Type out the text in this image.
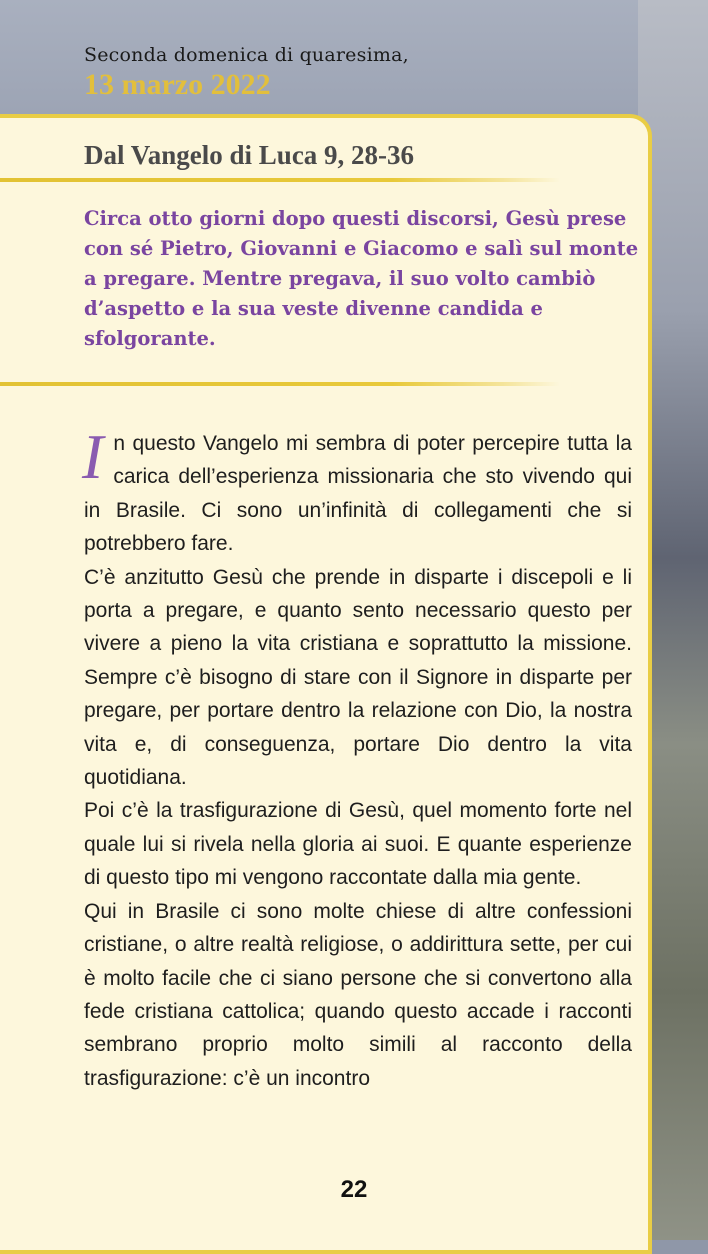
Seconda domenica di quaresima,
13 marzo 2022
Dal Vangelo di Luca 9, 28-36
Circa otto giorni dopo questi discorsi, Gesù prese con sé Pietro, Giovanni e Giacomo e salì sul monte a pregare. Mentre pregava, il suo volto cambiò d’aspetto e la sua veste divenne candida e sfolgorante.

In questo Vangelo mi sembra di poter percepire tutta la carica dell’esperienza missionaria che sto vivendo qui in Brasile. Ci sono un’infinità di collegamenti che si potrebbero fare.

C’è anzitutto Gesù che prende in disparte i discepoli e li porta a pregare, e quanto sento necessario questo per vivere a pieno la vita cristiana e soprattutto la missione. Sempre c’è bisogno di stare con il Signore in disparte per pregare, per portare dentro la relazione con Dio, la nostra vita e, di conseguenza, portare Dio dentro la vita quotidiana.

Poi c’è la trasfigurazione di Gesù, quel momento forte nel quale lui si rivela nella gloria ai suoi. E quante esperienze di questo tipo mi vengono raccontate dalla mia gente.

Qui in Brasile ci sono molte chiese di altre confessioni cristiane, o altre realtà religiose, o addirittura sette, per cui è molto facile che ci siano persone che si convertono alla fede cristiana cattolica; quando questo accade i racconti sembrano proprio molto simili al racconto della trasfigurazione: c’è un incontro

22
